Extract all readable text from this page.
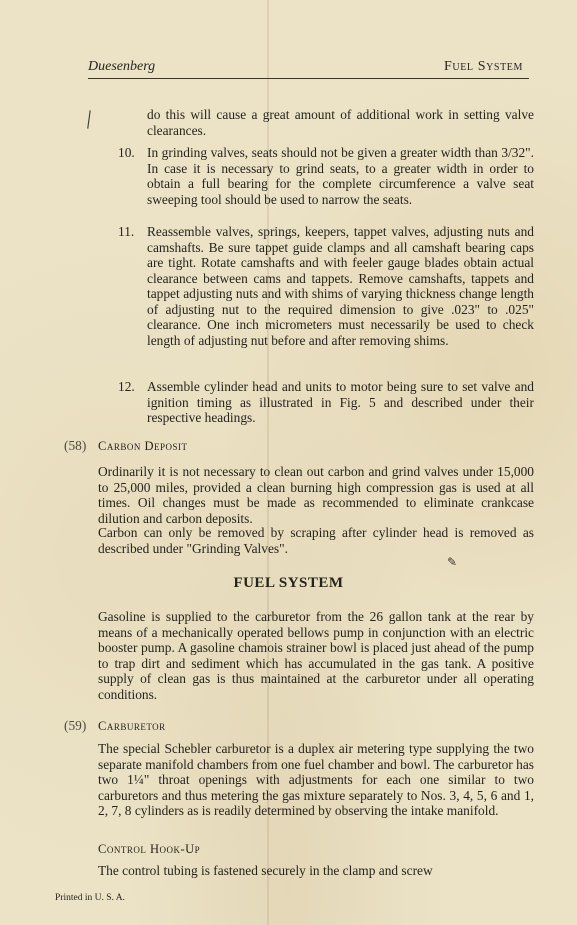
Duesenberg	Fuel System
╲	do this will cause a great amount of additional work in setting valve clearances.
10. In grinding valves, seats should not be given a greater width than 3/32". In case it is necessary to grind seats, to a greater width in order to obtain a full bearing for the complete circumference a valve seat sweeping tool should be used to narrow the seats.
11. Reassemble valves, springs, keepers, tappet valves, adjusting nuts and camshafts. Be sure tappet guide clamps and all camshaft bearing caps are tight. Rotate camshafts and with feeler gauge blades obtain actual clearance between cams and tappets. Remove camshafts, tappets and tappet adjusting nuts and with shims of varying thickness change length of adjusting nut to the required dimension to give .023" to .025" clearance. One inch micrometers must necessarily be used to check length of adjusting nut before and after removing shims.
12. Assemble cylinder head and units to motor being sure to set valve and ignition timing as illustrated in Fig. 5 and described under their respective headings.
(58) Carbon Deposit
Ordinarily it is not necessary to clean out carbon and grind valves under 15,000 to 25,000 miles, provided a clean burning high compression gas is used at all times. Oil changes must be made as recommended to eliminate crankcase dilution and carbon deposits.
Carbon can only be removed by scraping after cylinder head is removed as described under "Grinding Valves".
✎
FUEL SYSTEM
Gasoline is supplied to the carburetor from the 26 gallon tank at the rear by means of a mechanically operated bellows pump in conjunction with an electric booster pump. A gasoline chamois strainer bowl is placed just ahead of the pump to trap dirt and sediment which has accumulated in the gas tank. A positive supply of clean gas is thus maintained at the carburetor under all operating conditions.
(59) Carburetor
The special Schebler carburetor is a duplex air metering type supplying the two separate manifold chambers from one fuel chamber and bowl. The carburetor has two 1¼" throat openings with adjustments for each one similar to two carburetors and thus metering the gas mixture separately to Nos. 3, 4, 5, 6 and 1, 2, 7, 8 cylinders as is readily determined by observing the intake manifold.
Control Hook-Up
The control tubing is fastened securely in the clamp and screw
Printed in U. S. A.
